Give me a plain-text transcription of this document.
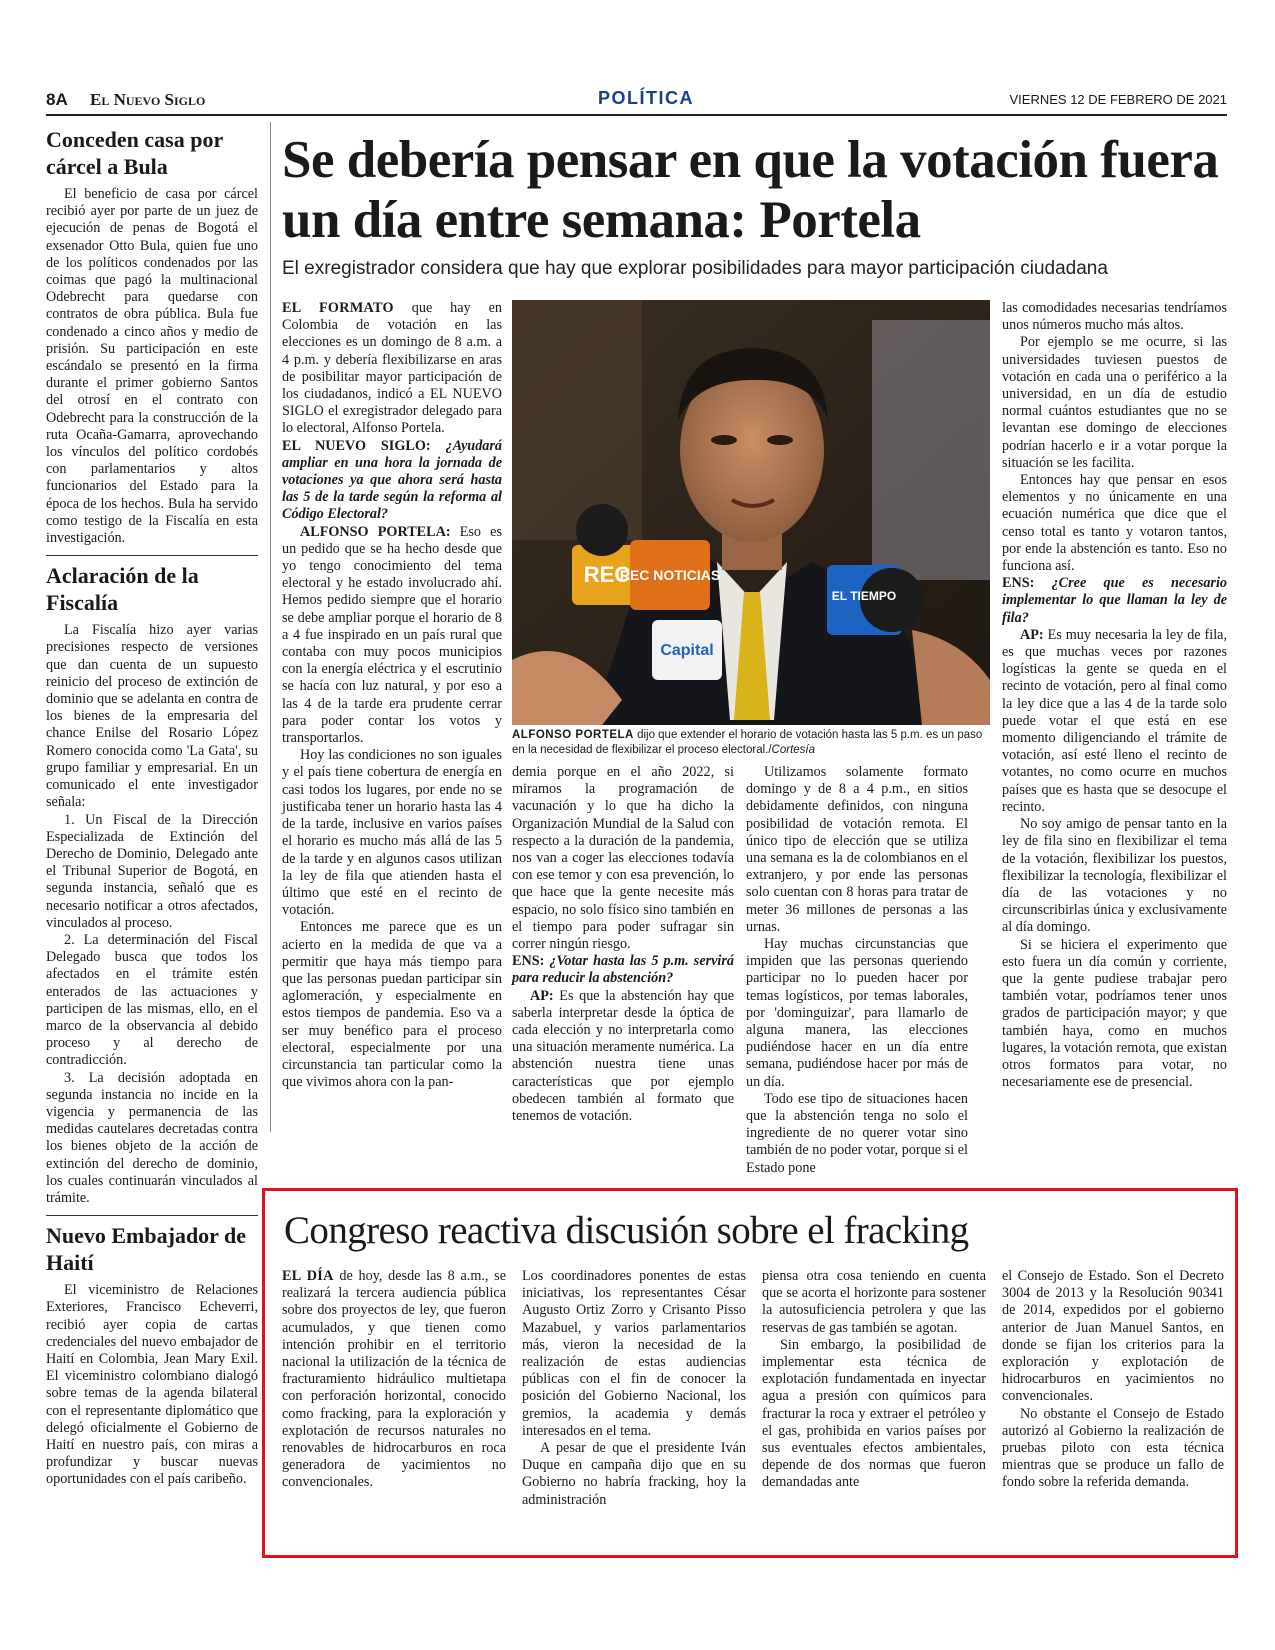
8A El Nuevo Siglo	POLÍTICA	VIERNES 12 DE FEBRERO DE 2021
Conceden casa por cárcel a Bula

El beneficio de casa por cárcel recibió ayer por parte de un juez de ejecución de penas de Bogotá el exsenador Otto Bula, quien fue uno de los políticos condenados por las coimas que pagó la multinacional Odebrecht para quedarse con contratos de obra pública. Bula fue condenado a cinco años y medio de prisión. Su participación en este escándalo se presentó en la firma durante el primer gobierno Santos del otrosí en el contrato con Odebrecht para la construcción de la ruta Ocaña-Gamarra, aprovechando los vínculos del político cordobés con parlamentarios y altos funcionarios del Estado para la época de los hechos. Bula ha servido como testigo de la Fiscalía en esta investigación.

Aclaración de la Fiscalía

La Fiscalía hizo ayer varias precisiones respecto de versiones que dan cuenta de un supuesto reinicio del proceso de extinción de dominio que se adelanta en contra de los bienes de la empresaria del chance Enilse del Rosario López Romero conocida como 'La Gata', su grupo familiar y empresarial. En un comunicado el ente investigador señala:

1. Un Fiscal de la Dirección Especializada de Extinción del Derecho de Dominio, Delegado ante el Tribunal Superior de Bogotá, en segunda instancia, señaló que es necesario notificar a otros afectados, vinculados al proceso.

2. La determinación del Fiscal Delegado busca que todos los afectados en el trámite estén enterados de las actuaciones y participen de las mismas, ello, en el marco de la observancia al debido proceso y al derecho de contradicción.

3. La decisión adoptada en segunda instancia no incide en la vigencia y permanencia de las medidas cautelares decretadas contra los bienes objeto de la acción de extinción del derecho de dominio, los cuales continuarán vinculados al trámite.

Nuevo Embajador de Haití

El viceministro de Relaciones Exteriores, Francisco Echeverri, recibió ayer copia de cartas credenciales del nuevo embajador de Haití en Colombia, Jean Mary Exil. El viceministro colombiano dialogó sobre temas de la agenda bilateral con el representante diplomático que delegó oficialmente el Gobierno de Haití en nuestro país, con miras a profundizar y buscar nuevas oportunidades con el país caribeño.

Se debería pensar en que la votación fuera un día entre semana: Portela
El exregistrador considera que hay que explorar posibilidades para mayor participación ciudadana

EL FORMATO que hay en Colombia de votación en las elecciones es un domingo de 8 a.m. a 4 p.m. y debería flexibilizarse en aras de posibilitar mayor participación de los ciudadanos, indicó a EL NUEVO SIGLO el exregistrador delegado para lo electoral, Alfonso Portela.

EL NUEVO SIGLO: ¿Ayudará ampliar en una hora la jornada de votaciones ya que ahora será hasta las 5 de la tarde según la reforma al Código Electoral?

ALFONSO PORTELA: Eso es un pedido que se ha hecho desde que yo tengo conocimiento del tema electoral y he estado involucrado ahí. Hemos pedido siempre que el horario se debe ampliar porque el horario de 8 a 4 fue inspirado en un país rural que contaba con muy pocos municipios con la energía eléctrica y el escrutinio se hacía con luz natural, y por eso a las 4 de la tarde era prudente cerrar para poder contar los votos y transportarlos.

Hoy las condiciones no son iguales y el país tiene cobertura de energía en casi todos los lugares, por ende no se justificaba tener un horario hasta las 4 de la tarde, inclusive en varios países el horario es mucho más allá de las 5 de la tarde y en algunos casos utilizan la ley de fila que atienden hasta el último que esté en el recinto de votación.

Entonces me parece que es un acierto en la medida de que va a permitir que haya más tiempo para que las personas puedan participar sin aglomeración, y especialmente en estos tiempos de pandemia. Eso va a ser muy benéfico para el proceso electoral, especialmente por una circunstancia tan particular como la que vivimos ahora con la pan-

REC
REC NOTICIAS
EL TIEMPO
Capital
ALFONSO PORTELA dijo que extender el horario de votación hasta las 5 p.m. es un paso en la necesidad de flexibilizar el proceso electoral./Cortesía

demia porque en el año 2022, si miramos la programación de vacunación y lo que ha dicho la Organización Mundial de la Salud con respecto a la duración de la pandemia, nos van a coger las elecciones todavía con ese temor y con esa prevención, lo que hace que la gente necesite más espacio, no solo físico sino también en el tiempo para poder sufragar sin correr ningún riesgo.

ENS: ¿Votar hasta las 5 p.m. servirá para reducir la abstención?

AP: Es que la abstención hay que saberla interpretar desde la óptica de cada elección y no interpretarla como una situación meramente numérica. La abstención nuestra tiene unas características que por ejemplo obedecen también al formato que tenemos de votación.

Utilizamos solamente formato domingo y de 8 a 4 p.m., en sitios debidamente definidos, con ninguna posibilidad de votación remota. El único tipo de elección que se utiliza una semana es la de colombianos en el extranjero, y por ende las personas solo cuentan con 8 horas para tratar de meter 36 millones de personas a las urnas.

Hay muchas circunstancias que impiden que las personas queriendo participar no lo pueden hacer por temas logísticos, por temas laborales, por 'dominguizar', para llamarlo de alguna manera, las elecciones pudiéndose hacer en un día entre semana, pudiéndose hacer por más de un día.

Todo ese tipo de situaciones hacen que la abstención tenga no solo el ingrediente de no querer votar sino también de no poder votar, porque si el Estado pone

las comodidades necesarias tendríamos unos números mucho más altos.

Por ejemplo se me ocurre, si las universidades tuviesen puestos de votación en cada una o periférico a la universidad, en un día de estudio normal cuántos estudiantes que no se levantan ese domingo de elecciones podrían hacerlo e ir a votar porque la situación se les facilita.

Entonces hay que pensar en esos elementos y no únicamente en una ecuación numérica que dice que el censo total es tanto y votaron tantos, por ende la abstención es tanto. Eso no funciona así.

ENS: ¿Cree que es necesario implementar lo que llaman la ley de fila?

AP: Es muy necesaria la ley de fila, es que muchas veces por razones logísticas la gente se queda en el recinto de votación, pero al final como la ley dice que a las 4 de la tarde solo puede votar el que está en ese momento diligenciando el trámite de votación, así esté lleno el recinto de votantes, no como ocurre en muchos países que es hasta que se desocupe el recinto.

No soy amigo de pensar tanto en la ley de fila sino en flexibilizar el tema de la votación, flexibilizar los puestos, flexibilizar la tecnología, flexibilizar el día de las votaciones y no circunscribirlas única y exclusivamente al día domingo.

Si se hiciera el experimento que esto fuera un día común y corriente, que la gente pudiese trabajar pero también votar, podríamos tener unos grados de participación mayor; y que también haya, como en muchos lugares, la votación remota, que existan otros formatos para votar, no necesariamente ese de presencial.

Congreso reactiva discusión sobre el fracking

EL DÍA de hoy, desde las 8 a.m., se realizará la tercera audiencia pública sobre dos proyectos de ley, que fueron acumulados, y que tienen como intención prohibir en el territorio nacional la utilización de la técnica de fracturamiento hidráulico multietapa con perforación horizontal, conocido como fracking, para la exploración y explotación de recursos naturales no renovables de hidrocarburos en roca generadora de yacimientos no convencionales.

Los coordinadores ponentes de estas iniciativas, los representantes César Augusto Ortiz Zorro y Crisanto Pisso Mazabuel, y varios parlamentarios más, vieron la necesidad de la realización de estas audiencias públicas con el fin de conocer la posición del Gobierno Nacional, los gremios, la academia y demás interesados en el tema.

A pesar de que el presidente Iván Duque en campaña dijo que en su Gobierno no habría fracking, hoy la administración

piensa otra cosa teniendo en cuenta que se acorta el horizonte para sostener la autosuficiencia petrolera y que las reservas de gas también se agotan.

Sin embargo, la posibilidad de implementar esta técnica de explotación fundamentada en inyectar agua a presión con químicos para fracturar la roca y extraer el petróleo y el gas, prohibida en varios países por sus eventuales efectos ambientales, depende de dos normas que fueron demandadas ante

el Consejo de Estado. Son el Decreto 3004 de 2013 y la Resolución 90341 de 2014, expedidos por el gobierno anterior de Juan Manuel Santos, en donde se fijan los criterios para la exploración y explotación de hidrocarburos en yacimientos no convencionales.

No obstante el Consejo de Estado autorizó al Gobierno la realización de pruebas piloto con esta técnica mientras que se produce un fallo de fondo sobre la referida demanda.
